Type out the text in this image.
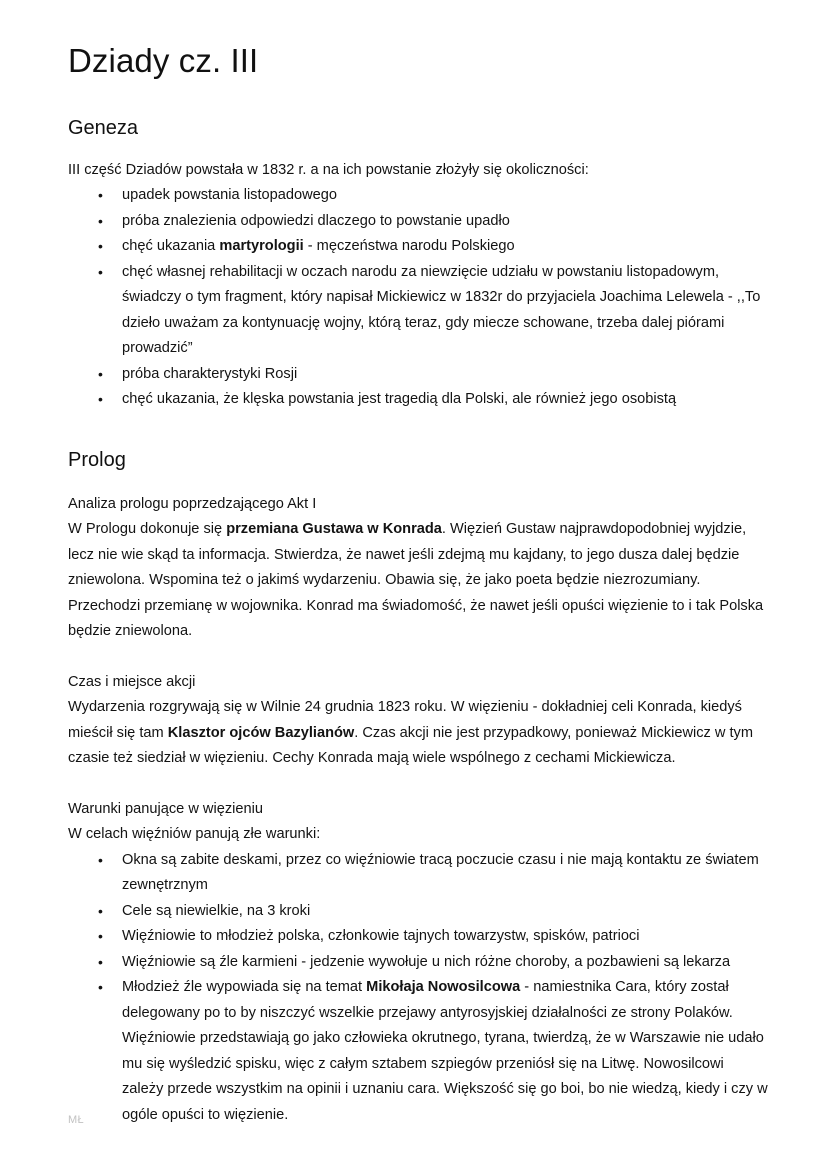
Dziady cz. III
Geneza

III część Dziadów powstała w 1832 r. a na ich powstanie złożyły się okoliczności:

• upadek powstania listopadowego
• próba znalezienia odpowiedzi dlaczego to powstanie upadło
• chęć ukazania martyrologii - męczeństwa narodu Polskiego
• chęć własnej rehabilitacji w oczach narodu za niewzięcie udziału w powstaniu listopadowym, świadczy o tym fragment, który napisał Mickiewicz w 1832r do przyjaciela Joachima Lelewela - ,,To dzieło uważam za kontynuację wojny, którą teraz, gdy miecze schowane, trzeba dalej piórami prowadzić”
• próba charakterystyki Rosji
• chęć ukazania, że klęska powstania jest tragedią dla Polski, ale również jego osobistą
Prolog

Analiza prologu poprzedzającego Akt I

W Prologu dokonuje się przemiana Gustawa w Konrada. Więzień Gustaw najprawdopodobniej wyjdzie, lecz nie wie skąd ta informacja. Stwierdza, że nawet jeśli zdejmą mu kajdany, to jego dusza dalej będzie zniewolona. Wspomina też o jakimś wydarzeniu. Obawia się, że jako poeta będzie niezrozumiany. Przechodzi przemianę w wojownika. Konrad ma świadomość, że nawet jeśli opuści więzienie to i tak Polska będzie zniewolona.

Czas i miejsce akcji

Wydarzenia rozgrywają się w Wilnie 24 grudnia 1823 roku. W więzieniu - dokładniej celi Konrada, kiedyś mieścił się tam Klasztor ojców Bazylianów. Czas akcji nie jest przypadkowy, ponieważ Mickiewicz w tym czasie też siedział w więzieniu. Cechy Konrada mają wiele wspólnego z cechami Mickiewicza.

Warunki panujące w więzieniu

W celach więźniów panują złe warunki:

• Okna są zabite deskami, przez co więźniowie tracą poczucie czasu i nie mają kontaktu ze światem zewnętrznym
• Cele są niewielkie, na 3 kroki
• Więźniowie to młodzież polska, członkowie tajnych towarzystw, spisków, patrioci
• Więźniowie są źle karmieni - jedzenie wywołuje u nich różne choroby, a pozbawieni są lekarza
• Młodzież źle wypowiada się na temat Mikołaja Nowosilcowa - namiestnika Cara, który został delegowany po to by niszczyć wszelkie przejawy antyrosyjskiej działalności ze strony Polaków. Więźniowie przedstawiają go jako człowieka okrutnego, tyrana, twierdzą, że w Warszawie nie udało mu się wyśledzić spisku, więc z całym sztabem szpiegów przeniósł się na Litwę. Nowosilcowi zależy przede wszystkim na opinii i uznaniu cara. Większość się go boi, bo nie wiedzą, kiedy i czy w ogóle opuści to więzienie.
MŁ
